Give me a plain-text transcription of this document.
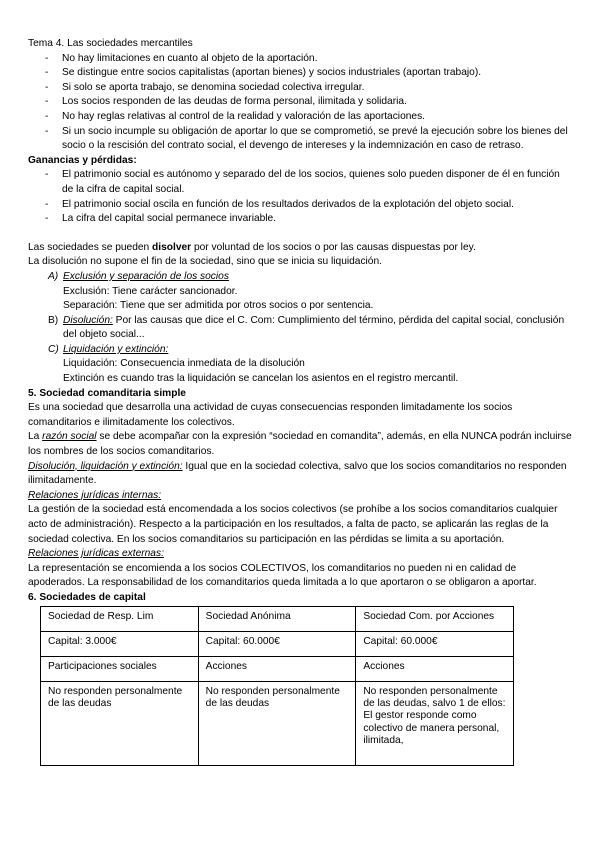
Tema 4. Las sociedades mercantiles

- No hay limitaciones en cuanto al objeto de la aportación.
- Se distingue entre socios capitalistas (aportan bienes) y socios industriales (aportan trabajo).
- Si solo se aporta trabajo, se denomina sociedad colectiva irregular.
- Los socios responden de las deudas de forma personal, ilimitada y solidaria.
- No hay reglas relativas al control de la realidad y valoración de las aportaciones.
- Si un socio incumple su obligación de aportar lo que se comprometió, se prevé la ejecución sobre los bienes del socio o la rescisión del contrato social, el devengo de intereses y la indemnización en caso de retraso.

Ganancias y pérdidas:

- El patrimonio social es autónomo y separado del de los socios, quienes solo pueden disponer de él en función de la cifra de capital social.
- El patrimonio social oscila en función de los resultados derivados de la explotación del objeto social.
- La cifra del capital social permanece invariable.

Las sociedades se pueden disolver por voluntad de los socios o por las causas dispuestas por ley.

La disolución no supone el fin de la sociedad, sino que se inicia su liquidación.

A) Exclusión y separación de los socios
Exclusión: Tiene carácter sancionador.
Separación: Tiene que ser admitida por otros socios o por sentencia.
B) Disolución: Por las causas que dice el C. Com: Cumplimiento del término, pérdida del capital social, conclusión del objeto social...
C) Liquidación y extinción:
Liquidación: Consecuencia inmediata de la disolución
Extinción es cuando tras la liquidación se cancelan los asientos en el registro mercantil.

5. Sociedad comanditaria simple

Es una sociedad que desarrolla una actividad de cuyas consecuencias responden limitadamente los socios comanditarios e ilimitadamente los colectivos.

La razón social se debe acompañar con la expresión “sociedad en comandita”, además, en ella NUNCA podrán incluirse los nombres de los socios comanditarios.

Disolución, liquidación y extinción: Igual que en la sociedad colectiva, salvo que los socios comanditarios no responden ilimitadamente.

Relaciones jurídicas internas:

La gestión de la sociedad está encomendada a los socios colectivos (se prohíbe a los socios comanditarios cualquier acto de administración). Respecto a la participación en los resultados, a falta de pacto, se aplicarán las reglas de la sociedad colectiva. En los socios comanditarios su participación en las pérdidas se limita a su aportación.

Relaciones jurídicas externas:

La representación se encomienda a los socios COLECTIVOS, los comanditarios no pueden ni en calidad de apoderados. La responsabilidad de los comanditarios queda limitada a lo que aportaron o se obligaron a aportar.

6. Sociedades de capital

Sociedad de Resp. Lim	Sociedad Anónima	Sociedad Com. por Acciones
Capital: 3.000€	Capital: 60.000€	Capital: 60.000€
Participaciones sociales	Acciones	Acciones
No responden personalmente de las deudas	No responden personalmente de las deudas	No responden personalmente de las deudas, salvo 1 de ellos: El gestor responde como colectivo de manera personal, ilimitada,
